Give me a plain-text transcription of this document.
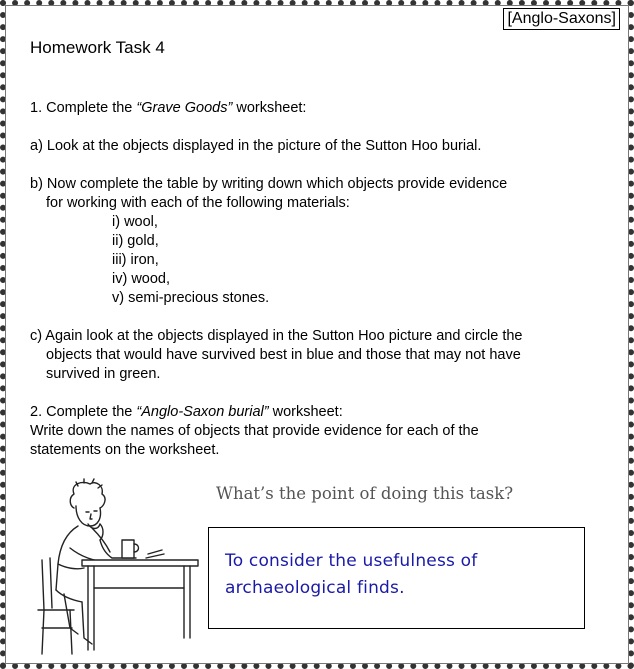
[Anglo-Saxons]
Homework Task 4
1. Complete the “Grave Goods” worksheet:
a) Look at the objects displayed in the picture of the Sutton Hoo burial.
b) Now complete the table by writing down which objects provide evidence
for working with each of the following materials:
i) wool,
ii) gold,
iii) iron,
iv) wood,
v) semi-precious stones.
c) Again look at the objects displayed in the Sutton Hoo picture and circle the
objects that would have survived best in blue and those that may not have
survived in green.
2. Complete the “Anglo-Saxon burial” worksheet:
Write down the names of objects that provide evidence for each of the
statements on the worksheet.
What’s the point of doing this task?
To consider the usefulness of
archaeological finds.
